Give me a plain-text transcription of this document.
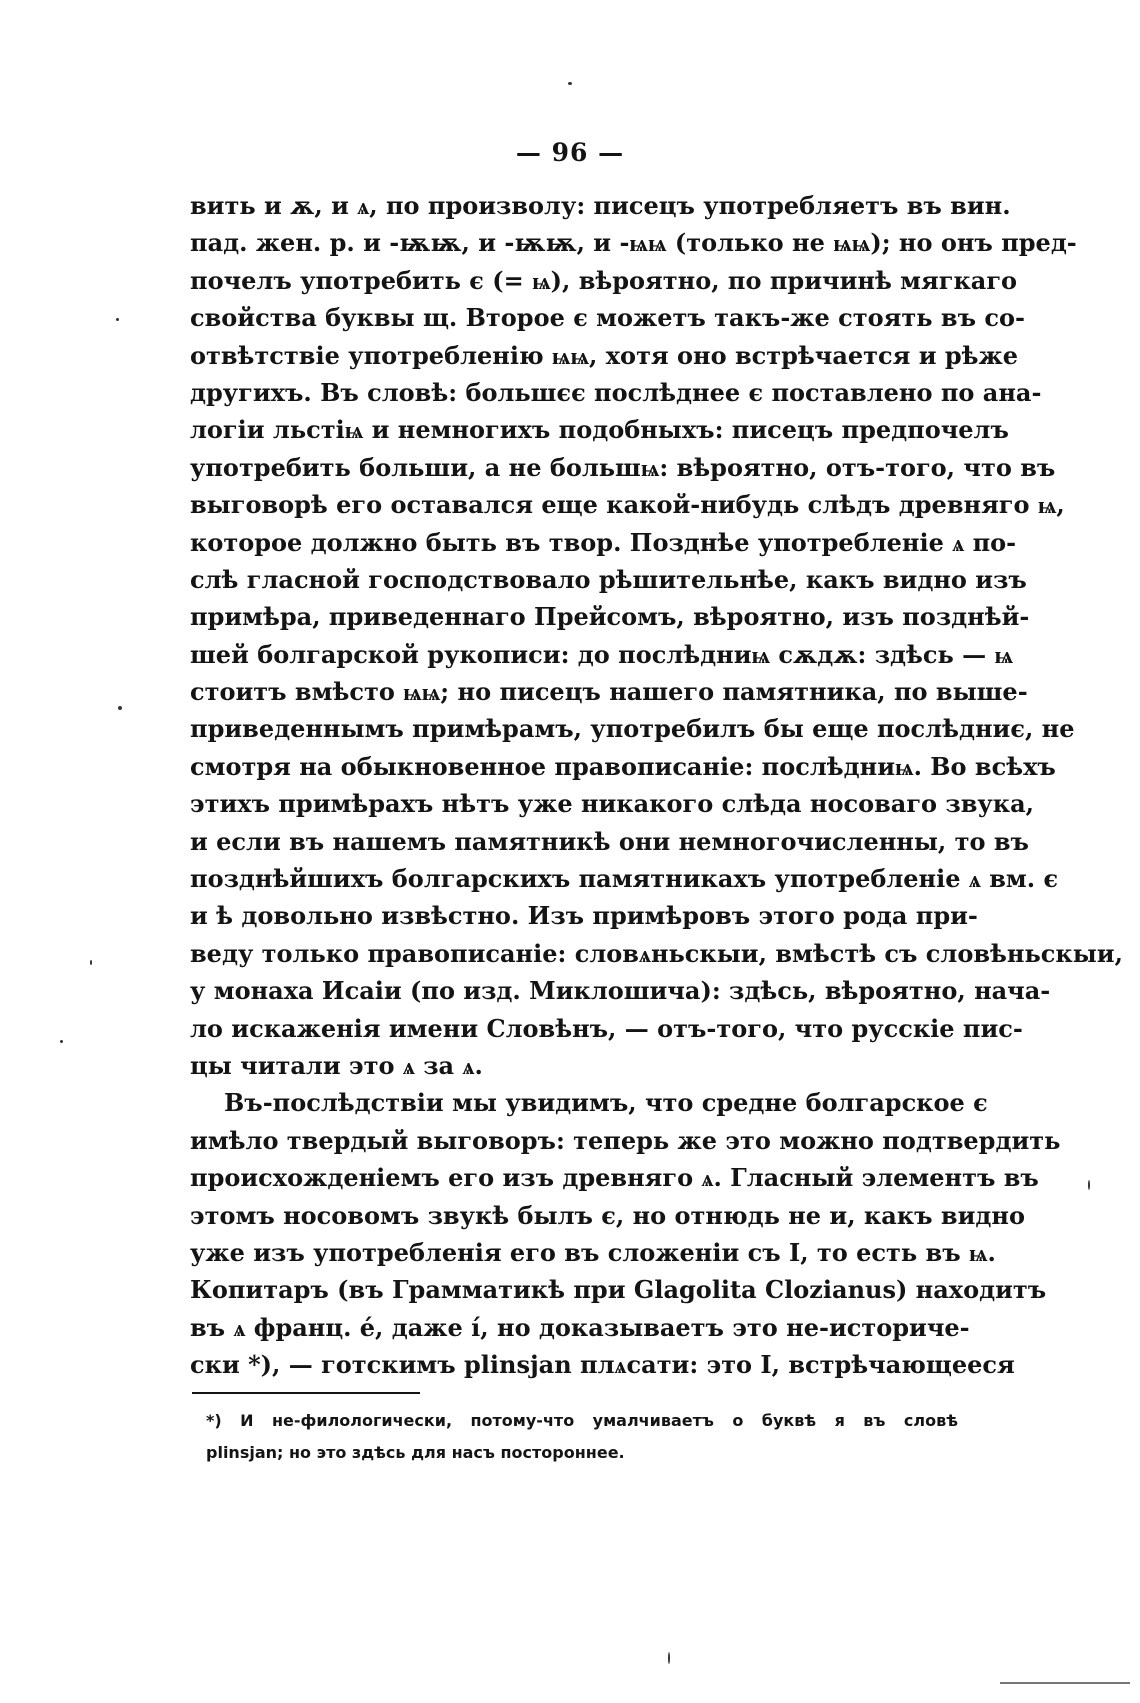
— 96 —
вить и ѫ, и ѧ, по произволу: писецъ употребляетъ въ вин.
пад. жен. р. и -ѭѭ, и -ѭѭ, и -ѩѩ (только не ѩѩ); но онъ пред-
почелъ употребить є (= ѩ), вѣроятно, по причинѣ мягкаго
свойства буквы щ. Второе є можетъ такъ-же стоять въ со-
отвѣтствіе употребленію ѩѩ, хотя оно встрѣчается и рѣже
другихъ. Въ словѣ: большєє послѣднее є поставлено по ана-
логіи льстіѩ и немногихъ подобныхъ: писецъ предпочелъ
употребить больши, а не большѩ: вѣроятно, отъ-того, что въ
выговорѣ его оставался еще какой-нибудь слѣдъ древняго ѩ,
которое должно быть въ твор. Позднѣе употребленіе ѧ по-
слѣ гласной господствовало рѣшительнѣе, какъ видно изъ
примѣра, приведеннаго Прейсомъ, вѣроятно, изъ позднѣй-
шей болгарской рукописи: до послѣдниѩ сѫдѫ: здѣсь — ѩ
стоитъ вмѣсто ѩѩ; но писецъ нашего памятника, по выше-
приведеннымъ примѣрамъ, употребилъ бы еще послѣдниє, не
смотря на обыкновенное правописаніе: послѣдниѩ. Во всѣхъ
этихъ примѣрахъ нѣтъ уже никакого слѣда носоваго звука,
и если въ нашемъ памятникѣ они немногочисленны, то въ
позднѣйшихъ болгарскихъ памятникахъ употребленіе ѧ вм. є
и ѣ довольно извѣстно. Изъ примѣровъ этого рода при-
веду только правописаніе: словѧньскыи, вмѣстѣ съ словѣньскыи,
у монаха Исаіи (по изд. Миклошича): здѣсь, вѣроятно, нача-
ло искаженія имени Словѣнъ, — отъ-того, что русскіе пис-
цы читали это ѧ за ѧ.
Въ-послѣдствіи мы увидимъ, что средне болгарское є
имѣло твердый выговоръ: теперь же это можно подтвердить
происхожденіемъ его изъ древняго ѧ. Гласный элементъ въ
этомъ носовомъ звукѣ былъ є, но отнюдь не и, какъ видно
уже изъ употребленія его въ сложеніи съ І, то есть въ ѩ.
Копитаръ (въ Грамматикѣ при Glagolita Clozianus) находитъ
въ ѧ франц. é, даже í, но доказываетъ это не-историче-
ски *), — готскимъ plinsjan плѧсати: это І, встрѣчающееся
*) И не-филологически, потому-что умалчиваетъ о буквѣ я въ словѣ
plinsjan; но это здѣсь для насъ постороннее.
